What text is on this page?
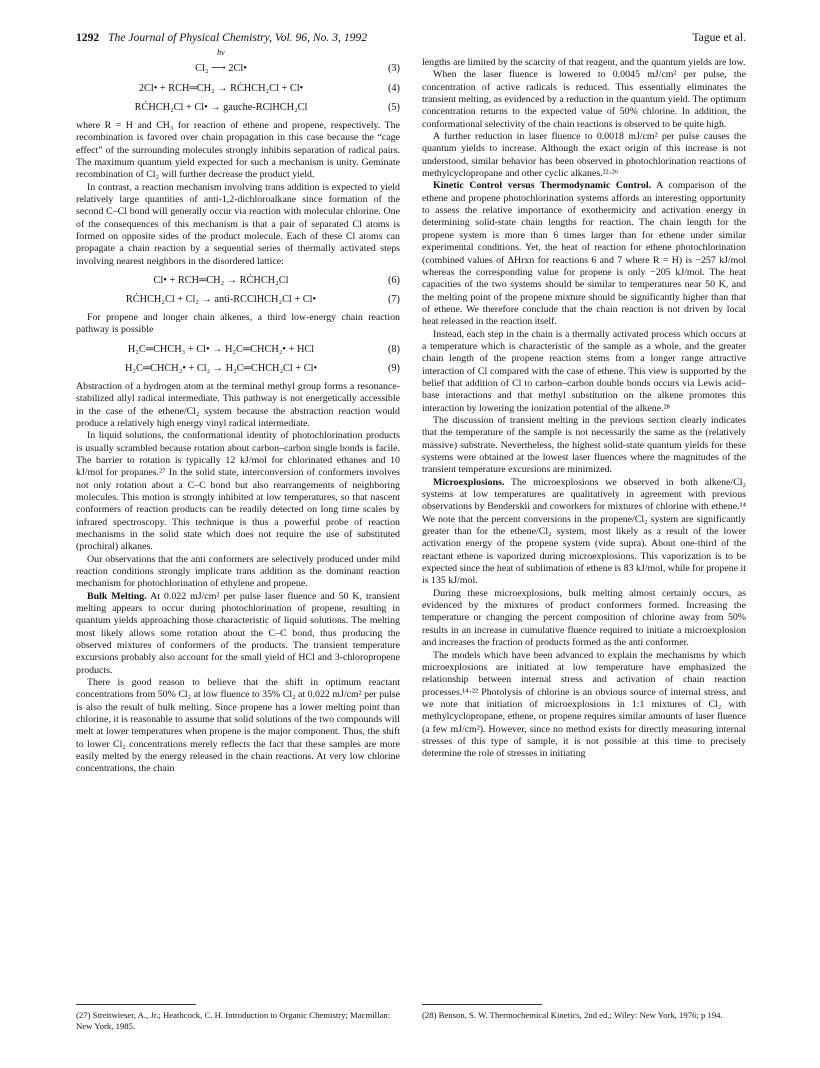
1292 The Journal of Physical Chemistry, Vol. 96, No. 3, 1992	Tague et al.
hν
Cl₂ ⟶ 2Cl•	(3)
2Cl• + RCH═CH₂ → RĊHCH₂Cl + Cl•	(4)
RĊHCH₂Cl + Cl• → gauche-RClHCH₂Cl	(5)

where R = H and CH₃ for reaction of ethene and propene, respectively. The recombination is favored over chain propagation in this case because the “cage effect” of the surrounding molecules strongly inhibits separation of radical pairs. The maximum quantum yield expected for such a mechanism is unity. Geminate recombination of Cl₂ will further decrease the product yield.

In contrast, a reaction mechanism involving trans addition is expected to yield relatively large quantities of anti-1,2-dichloroalkane since formation of the second C–Cl bond will generally occur via reaction with molecular chlorine. One of the consequences of this mechanism is that a pair of separated Cl atoms is formed on opposite sides of the product molecule. Each of these Cl atoms can propagate a chain reaction by a sequential series of thermally activated steps involving nearest neighbors in the disordered lattice:

Cl• + RCH═CH₂ → RĊHCH₂Cl	(6)
RĊHCH₂Cl + Cl₂ → anti-RCClHCH₂Cl + Cl•	(7)

For propene and longer chain alkenes, a third low-energy chain reaction pathway is possible

H₂C═CHCH₃ + Cl• → H₂C═CHCH₂• + HCl	(8)
H₂C═CHCH₂• + Cl₂ → H₂C═CHCH₂Cl + Cl•	(9)

Abstraction of a hydrogen atom at the terminal methyl group forms a resonance-stabilized allyl radical intermediate. This pathway is not energetically accessible in the case of the ethene/Cl₂ system because the abstraction reaction would produce a relatively high energy vinyl radical intermediate.

In liquid solutions, the conformational identity of photochlorination products is usually scrambled because rotation about carbon–carbon single bonds is facile. The barrier to rotation is typically 12 kJ/mol for chlorinated ethanes and 10 kJ/mol for propanes.²⁷ In the solid state, interconversion of conformers involves not only rotation about a C–C bond but also rearrangements of neighboring molecules. This motion is strongly inhibited at low temperatures, so that nascent conformers of reaction products can be readily detected on long time scales by infrared spectroscopy. This technique is thus a powerful probe of reaction mechanisms in the solid state which does not require the use of substituted (prochiral) alkanes.

Our observations that the anti conformers are selectively produced under mild reaction conditions strongly implicate trans addition as the dominant reaction mechanism for photochlorination of ethylene and propene.

Bulk Melting. At 0.022 mJ/cm² per pulse laser fluence and 50 K, transient melting appears to occur during photochlorination of propene, resulting in quantum yields approaching those characteristic of liquid solutions. The melting most likely allows some rotation about the C–C bond, thus producing the observed mixtures of conformers of the products. The transient temperature excursions probably also account for the small yield of HCl and 3-chloropropene products.

There is good reason to believe that the shift in optimum reactant concentrations from 50% Cl₂ at low fluence to 35% Cl₂ at 0.022 mJ/cm² per pulse is also the result of bulk melting. Since propene has a lower melting point than chlorine, it is reasonable to assume that solid solutions of the two compounds will melt at lower temperatures when propene is the major component. Thus, the shift to lower Cl₂ concentrations merely reflects the fact that these samples are more easily melted by the energy released in the chain reactions. At very low chlorine concentrations, the chain

lengths are limited by the scarcity of that reagent, and the quantum yields are low.

When the laser fluence is lowered to 0.0045 mJ/cm² per pulse, the concentration of active radicals is reduced. This essentially eliminates the transient melting, as evidenced by a reduction in the quantum yield. The optimum concentration returns to the expected value of 50% chlorine. In addition, the conformational selectivity of the chain reactions is observed to be quite high.

A further reduction in laser fluence to 0.0018 mJ/cm² per pulse causes the quantum yields to increase. Although the exact origin of this increase is not understood, similar behavior has been observed in photochlorination reactions of methylcyclopropane and other cyclic alkanes.²²·²⁶

Kinetic Control versus Thermodynamic Control. A comparison of the ethene and propene photochlorination systems affords an interesting opportunity to assess the relative importance of exothermicity and activation energy in determining solid-state chain lengths for reaction. The chain length for the propene system is more than 6 times larger than for ethene under similar experimental conditions. Yet, the heat of reaction for ethene photochlorination (combined values of ΔHrxn for reactions 6 and 7 where R = H) is −257 kJ/mol whereas the corresponding value for propene is only −205 kJ/mol. The heat capacities of the two systems should be similar to temperatures near 50 K, and the melting point of the propene mixture should be significantly higher than that of ethene. We therefore conclude that the chain reaction is not driven by local heat released in the reaction itself.

Instead, each step in the chain is a thermally activated process which occurs at a temperature which is characteristic of the sample as a whole, and the greater chain length of the propene reaction stems from a longer range attractive interaction of Cl compared with the case of ethene. This view is supported by the belief that addition of Cl to carbon–carbon double bonds occurs via Lewis acid–base interactions and that methyl substitution on the alkene promotes this interaction by lowering the ionization potential of the alkene.²⁸

The discussion of transient melting in the previous section clearly indicates that the temperature of the sample is not necessarily the same as the (relatively massive) substrate. Nevertheless, the highest solid-state quantum yields for these systems were obtained at the lowest laser fluences where the magnitudes of the transient temperature excursions are minimized.

Microexplosions. The microexplosions we observed in both alkene/Cl₂ systems at low temperatures are qualitatively in agreement with previous observations by Benderskii and coworkers for mixtures of chlorine with ethene.¹⁴ We note that the percent conversions in the propene/Cl₂ system are significantly greater than for the ethene/Cl₂ system, most likely as a result of the lower activation energy of the propene system (vide supra). About one-third of the reactant ethene is vaporized during microexplosions. This vaporization is to be expected since the heat of sublimation of ethene is 83 kJ/mol, while for propene it is 135 kJ/mol.

During these microexplosions, bulk melting almost certainly occurs, as evidenced by the mixtures of product conformers formed. Increasing the temperature or changing the percent composition of chlorine away from 50% results in an increase in cumulative fluence required to initiate a microexplosion and increases the fraction of products formed as the anti conformer.

The models which have been advanced to explain the mechanisms by which microexplosions are initiated at low temperature have emphasized the relationship between internal stress and activation of chain reaction processes.¹⁴·²² Photolysis of chlorine is an obvious source of internal stress, and we note that initiation of microexplosions in 1:1 mixtures of Cl₂ with methylcyclopropane, ethene, or propene requires similar amounts of laser fluence (a few mJ/cm²). However, since no method exists for directly measuring internal stresses of this type of sample, it is not possible at this time to precisely determine the role of stresses in initiating

(27) Streitwieser, A., Jr.; Heathcock, C. H. Introduction to Organic Chemistry; Macmillan: New York, 1985.

(28) Benson, S. W. Thermochemical Kinetics, 2nd ed.; Wiley: New York, 1976; p 194.
